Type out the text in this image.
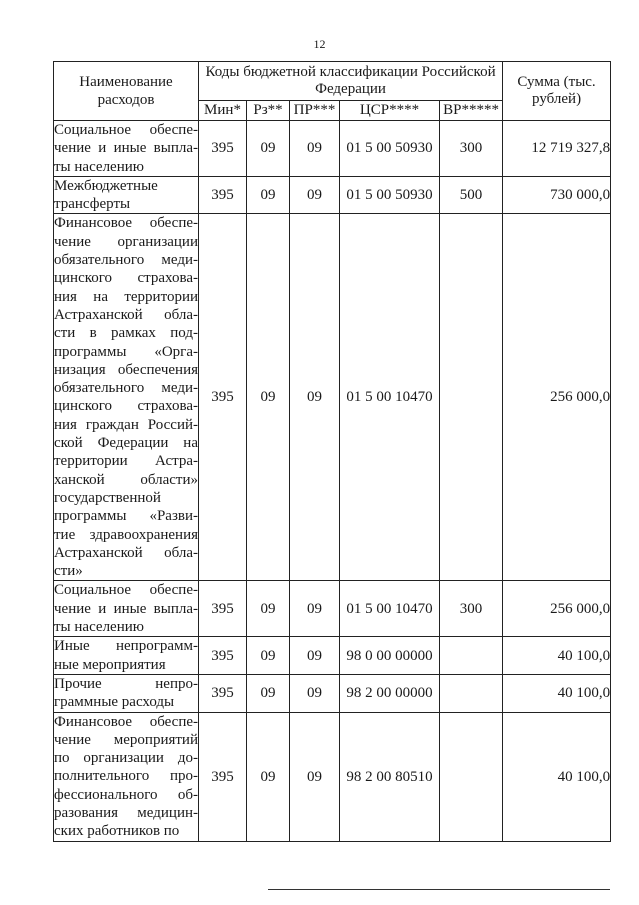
12
Наименование расходов	Коды бюджетной классификации Российской Федерации					Сумма (тыс. рублей)
	Мин*	Рз**	ПР***	ЦСР****	ВР*****	
Социальное обеспе-чение и иные выпла-ты населению	395	09	09	01 5 00 50930	300	12 719 327,8
Межбюджетные трансферты	395	09	09	01 5 00 50930	500	730 000,0
Финансовое обеспе-чение организации обязательного меди-цинского страхова-ния на территории Астраханской обла-сти в рамках под-программы «Орга-низация обеспечения обязательного меди-цинского страхова-ния граждан Россий-ской Федерации на территории Астра-ханской области» государственной программы «Разви-тие здравоохранения Астраханской обла-сти»	395	09	09	01 5 00 10470		256 000,0
Социальное обеспе-чение и иные выпла-ты населению	395	09	09	01 5 00 10470	300	256 000,0
Иные непрограмм-ные мероприятия	395	09	09	98 0 00 00000		40 100,0
Прочие непро-граммные расходы	395	09	09	98 2 00 00000		40 100,0
Финансовое обеспе-чение мероприятий по организации до-полнительного про-фессионального об-разования медицин-ских работников по	395	09	09	98 2 00 80510		40 100,0
